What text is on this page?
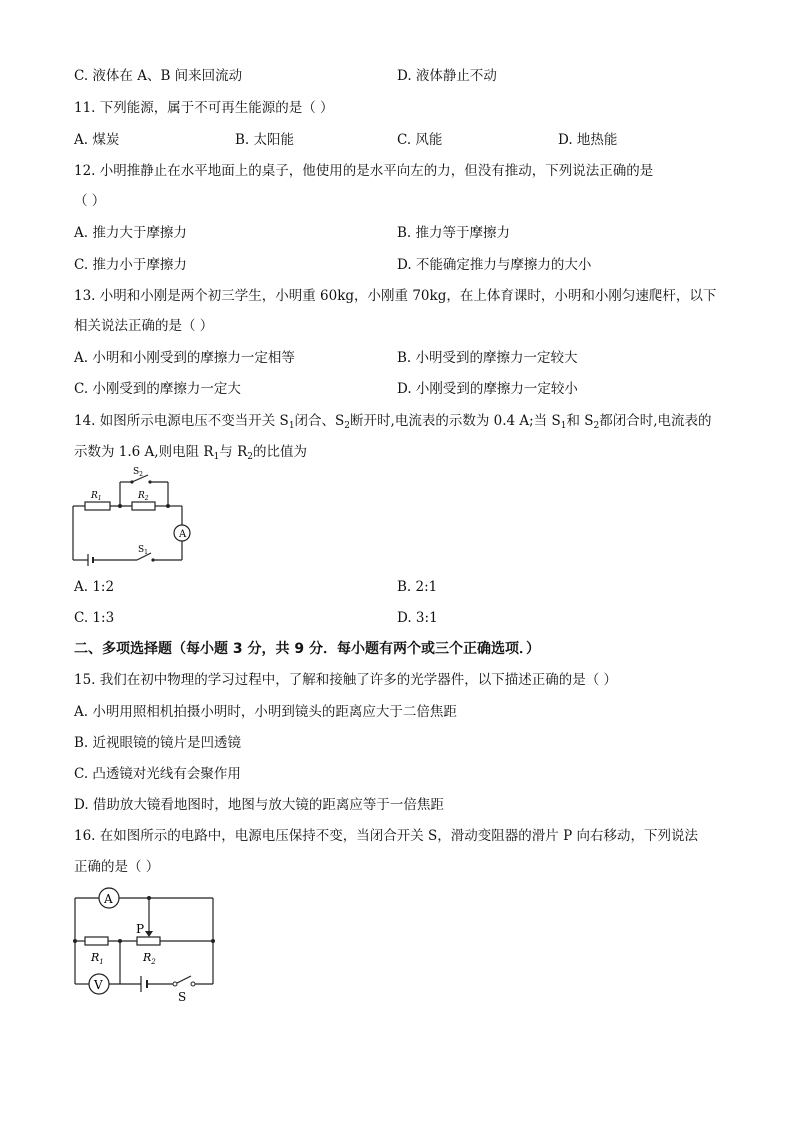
C. 液体在 A、B 间来回流动	D. 液体静止不动
11. 下列能源，属于不可再生能源的是（ ）
A. 煤炭	B. 太阳能	C. 风能	D. 地热能
12. 小明推静止在水平地面上的桌子，他使用的是水平向左的力，但没有推动，下列说法正确的是
（ ）
A. 推力大于摩擦力	B. 推力等于摩擦力
C. 推力小于摩擦力	D. 不能确定推力与摩擦力的大小
13. 小明和小刚是两个初三学生，小明重 60kg，小刚重 70kg，在上体育课时，小明和小刚匀速爬杆，以下
相关说法正确的是（ ）
A. 小明和小刚受到的摩擦力一定相等	B. 小明受到的摩擦力一定较大
C. 小刚受到的摩擦力一定大	D. 小刚受到的摩擦力一定较小
14. 如图所示电源电压不变当开关 $S_1$闭合、$S_2$断开时,电流表的示数为 0.4 A;当 $S_1$和 $S_2$都闭合时,电流表的
示数为 1.6 A,则电阻 $R_1$与 $R_2$的比值为
A
$R_1$	$R_2$
$S_2$
$S_1$
A. 1:2	B. 2:1
C. 1:3	D. 3:1
二、多项选择题（每小题 3 分，共 9 分．每小题有两个或三个正确选项．）
15. 我们在初中物理的学习过程中，了解和接触了许多的光学器件，以下描述正确的是（ ）
A. 小明用照相机拍摄小明时，小明到镜头的距离应大于二倍焦距
B. 近视眼镜的镜片是凹透镜
C. 凸透镜对光线有会聚作用
D. 借助放大镜看地图时，地图与放大镜的距离应等于一倍焦距
16. 在如图所示的电路中，电源电压保持不变，当闭合开关 S，滑动变阻器的滑片 P 向右移动，下列说法
正确的是（ ）
A
V
P
$R_1$	$R_2$
S
